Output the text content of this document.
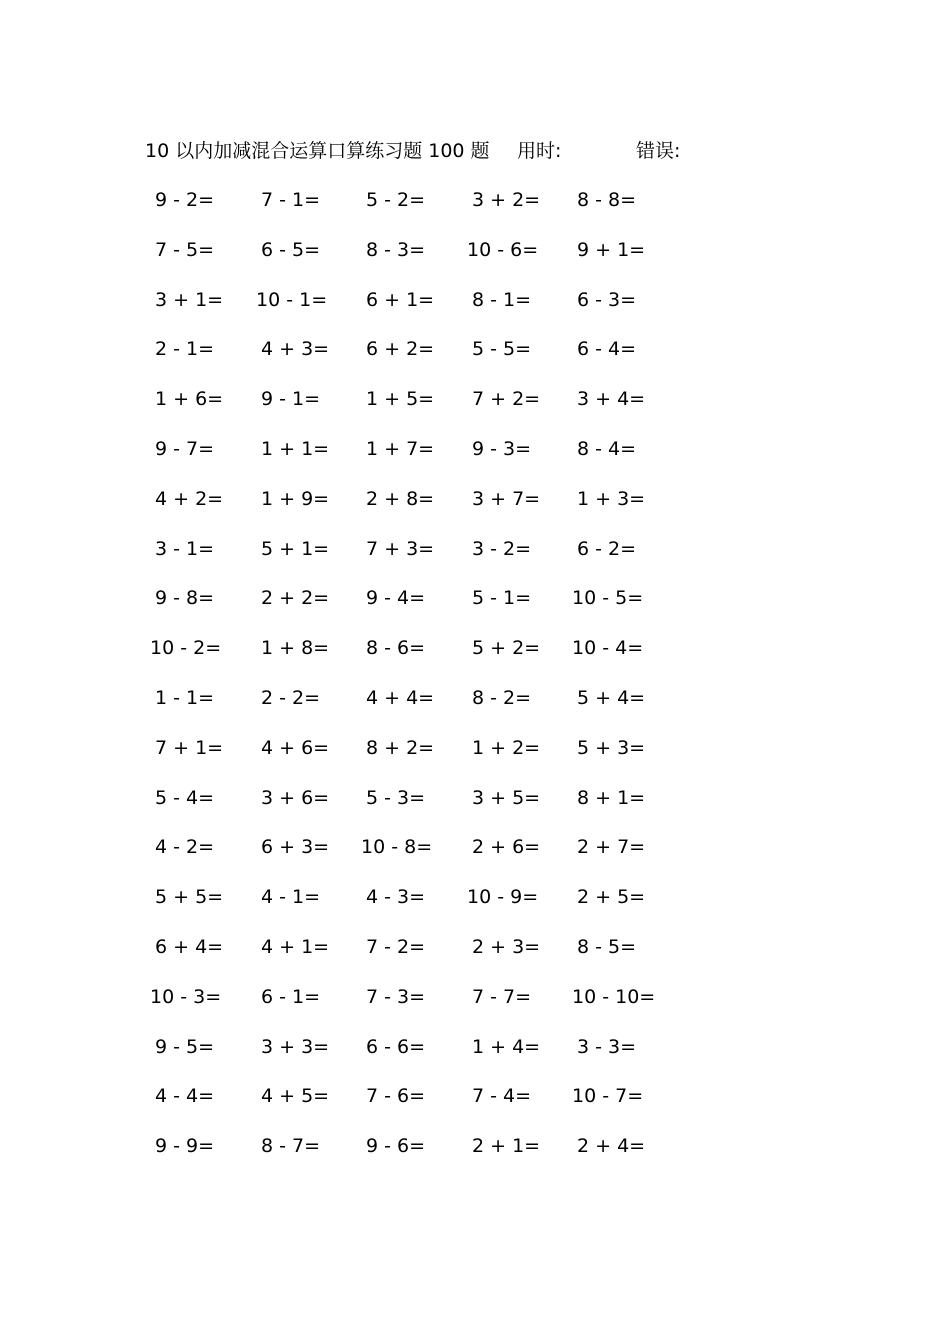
10 以内加减混合运算口算练习题 100 题 用时:	错误:
9 - 2= 7 - 1= 5 - 2= 3 + 2= 8 - 8=
7 - 5= 6 - 5= 8 - 3= 10 - 6= 9 + 1=
3 + 1= 10 - 1= 6 + 1= 8 - 1= 6 - 3=
2 - 1= 4 + 3= 6 + 2= 5 - 5= 6 - 4=
1 + 6= 9 - 1= 1 + 5= 7 + 2= 3 + 4=
9 - 7= 1 + 1= 1 + 7= 9 - 3= 8 - 4=
4 + 2= 1 + 9= 2 + 8= 3 + 7= 1 + 3=
3 - 1= 5 + 1= 7 + 3= 3 - 2= 6 - 2=
9 - 8= 2 + 2= 9 - 4= 5 - 1= 10 - 5=
10 - 2= 1 + 8= 8 - 6= 5 + 2= 10 - 4=
1 - 1= 2 - 2= 4 + 4= 8 - 2= 5 + 4=
7 + 1= 4 + 6= 8 + 2= 1 + 2= 5 + 3=
5 - 4= 3 + 6= 5 - 3= 3 + 5= 8 + 1=
4 - 2= 6 + 3= 10 - 8= 2 + 6= 2 + 7=
5 + 5= 4 - 1= 4 - 3= 10 - 9= 2 + 5=
6 + 4= 4 + 1= 7 - 2= 2 + 3= 8 - 5=
10 - 3= 6 - 1= 7 - 3= 7 - 7= 10 - 10=
9 - 5= 3 + 3= 6 - 6= 1 + 4= 3 - 3=
4 - 4= 4 + 5= 7 - 6= 7 - 4= 10 - 7=
9 - 9= 8 - 7= 9 - 6= 2 + 1= 2 + 4=
